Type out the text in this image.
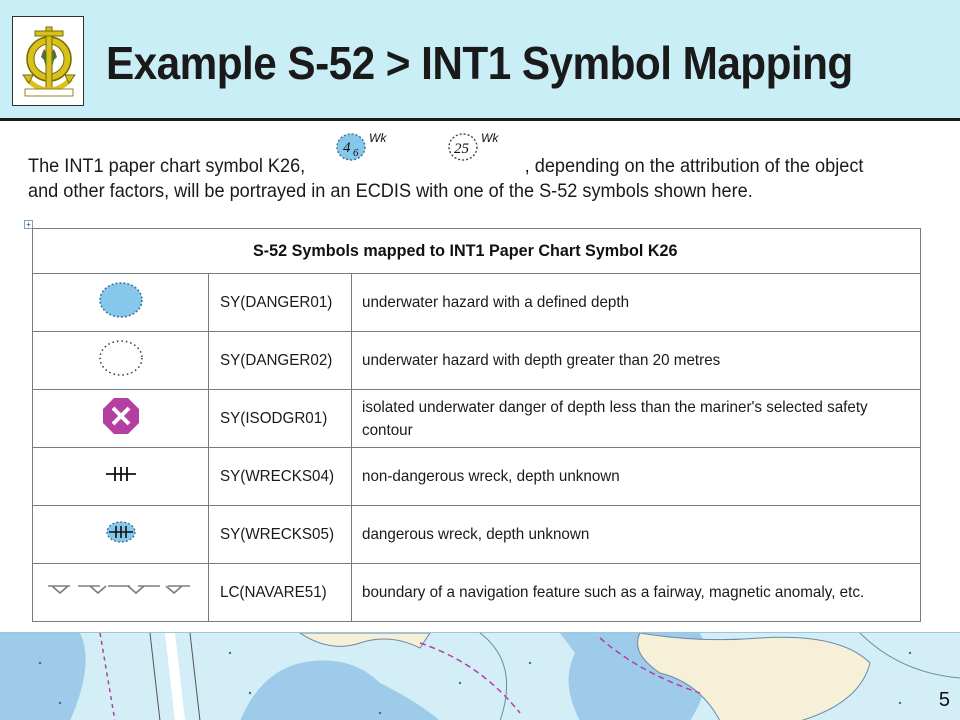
Example S-52 > INT1 Symbol Mapping
4 6
Wk
25
Wk
The INT1 paper chart symbol K26,	, depending on the attribution of the object and other factors, will be portrayed in an ECDIS with one of the S-52 symbols shown here.
+
S-52 Symbols mapped to INT1 Paper Chart Symbol K26		
	SY(DANGER01)	underwater hazard with a defined depth
	SY(DANGER02)	underwater hazard with depth greater than 20 metres
	SY(ISODGR01)	isolated underwater danger of depth less than the mariner's selected safety contour
	SY(WRECKS04)	non-dangerous wreck, depth unknown
	SY(WRECKS05)	dangerous wreck, depth unknown
	LC(NAVARE51)	boundary of a navigation feature such as a fairway, magnetic anomaly, etc.
5
